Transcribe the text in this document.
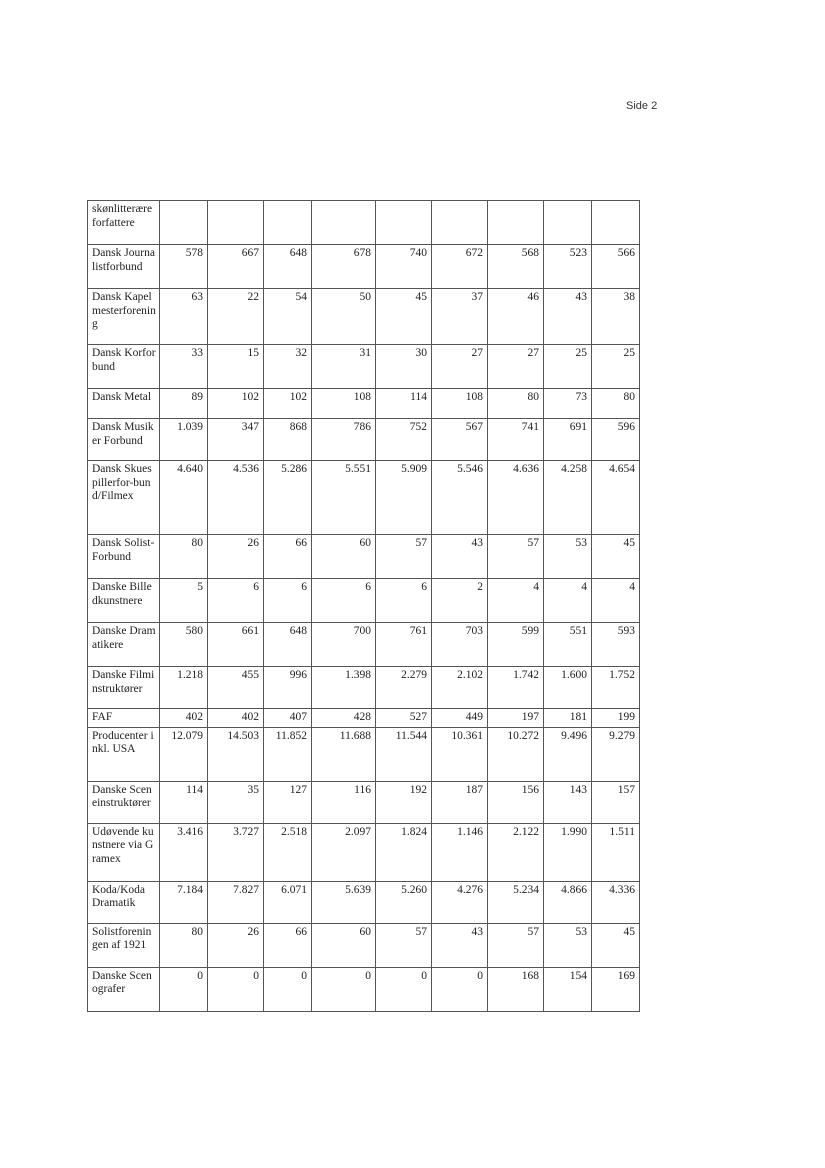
Side 2
skønlitterære forfattere									
Dansk Journalistforbund	578	667	648	678	740	672	568	523	566
Dansk Kapelmesterforening	63	22	54	50	45	37	46	43	38
Dansk Korforbund	33	15	32	31	30	27	27	25	25
Dansk Metal	89	102	102	108	114	108	80	73	80
Dansk Musiker Forbund	1.039	347	868	786	752	567	741	691	596
Dansk Skuespillerfor-bund/Filmex	4.640	4.536	5.286	5.551	5.909	5.546	4.636	4.258	4.654
Dansk Solist-Forbund	80	26	66	60	57	43	57	53	45
Danske Billedkunstnere	5	6	6	6	6	2	4	4	4
Danske Dramatikere	580	661	648	700	761	703	599	551	593
Danske Filminstruktører	1.218	455	996	1.398	2.279	2.102	1.742	1.600	1.752
FAF	402	402	407	428	527	449	197	181	199
Producenter inkl. USA	12.079	14.503	11.852	11.688	11.544	10.361	10.272	9.496	9.279
Danske Sceneinstruktører	114	35	127	116	192	187	156	143	157
Udøvende kunstnere via Gramex	3.416	3.727	2.518	2.097	1.824	1.146	2.122	1.990	1.511
Koda/Koda Dramatik	7.184	7.827	6.071	5.639	5.260	4.276	5.234	4.866	4.336
Solistforeningen af 1921	80	26	66	60	57	43	57	53	45
Danske Scenografer	0	0	0	0	0	0	168	154	169
